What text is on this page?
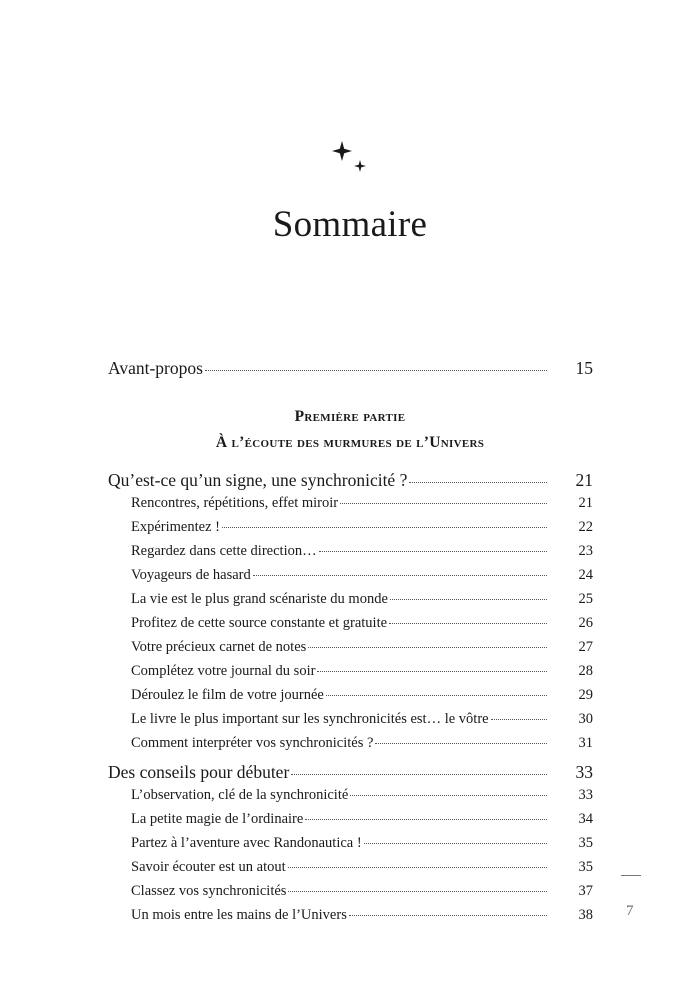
Sommaire
Avant-propos	15
Première partie
À l’écoute des murmures de l’Univers
Qu’est-ce qu’un signe, une synchronicité ?	21
Rencontres, répétitions, effet miroir	21
Expérimentez !	22
Regardez dans cette direction…	23
Voyageurs de hasard	24
La vie est le plus grand scénariste du monde	25
Profitez de cette source constante et gratuite	26
Votre précieux carnet de notes	27
Complétez votre journal du soir	28
Déroulez le film de votre journée	29
Le livre le plus important sur les synchronicités est… le vôtre	30
Comment interpréter vos synchronicités ?	31
Des conseils pour débuter	33
L’observation, clé de la synchronicité	33
La petite magie de l’ordinaire	34
Partez à l’aventure avec Randonautica !	35
Savoir écouter est un atout	35
Classez vos synchronicités	37
Un mois entre les mains de l’Univers	38 7
